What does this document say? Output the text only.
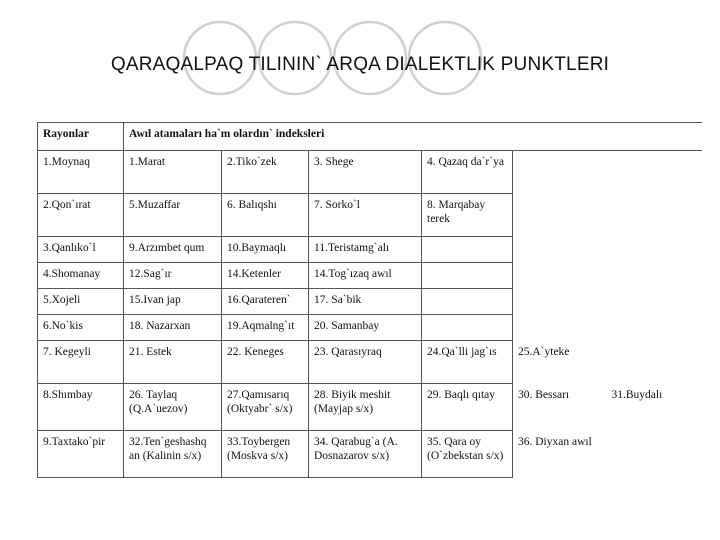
QARAQALPAQ TILININ` ARQA DIALEKTLIK PUNKTLERI
Rayonlar	Awıl atamaları ha`m olardın` indeksleri					
1.Moynaq	1.Marat	2.Tiko`zek	3. Shege	4. Qazaq da`r`ya		
2.Qon`ırat	5.Muzaffar	6. Balıqshı	7. Sorko`l	8. Marqabay terek		
3.Qanlıko`l	9.Arzımbet qum	10.Baymaqlı	11.Teristamg`alı			
4.Shomanay	12.Sag`ır	14.Ketenler	14.Tog`ızaq awıl			
5.Xojeli	15.Ivan jap	16.Qarateren`	17. Sa`bik			
6.No`kis	18. Nazarxan	19.Aqmalng`ıt	20. Samanbay			
7. Kegeyli	21. Estek	22. Keneges	23. Qarasıyraq	24.Qa`lli jag`ıs	25.A`yteke	
8.Shımbay	26. Taylaq (Q.A`uezov)	27.Qamısarıq (Oktyabr` s/x)	28. Biyik meshit (Mayjap s/x)	29. Baqlı qıtay	30. Bessarı	31.Buydalı
9.Taxtako`pir	32.Ten`geshashq an (Kalinin s/x)	33.Toybergen (Moskva s/x)	34. Qarabug`a (A. Dosnazarov s/x)	35. Qara oy (O`zbekstan s/x)	36. Diyxan awıl	
